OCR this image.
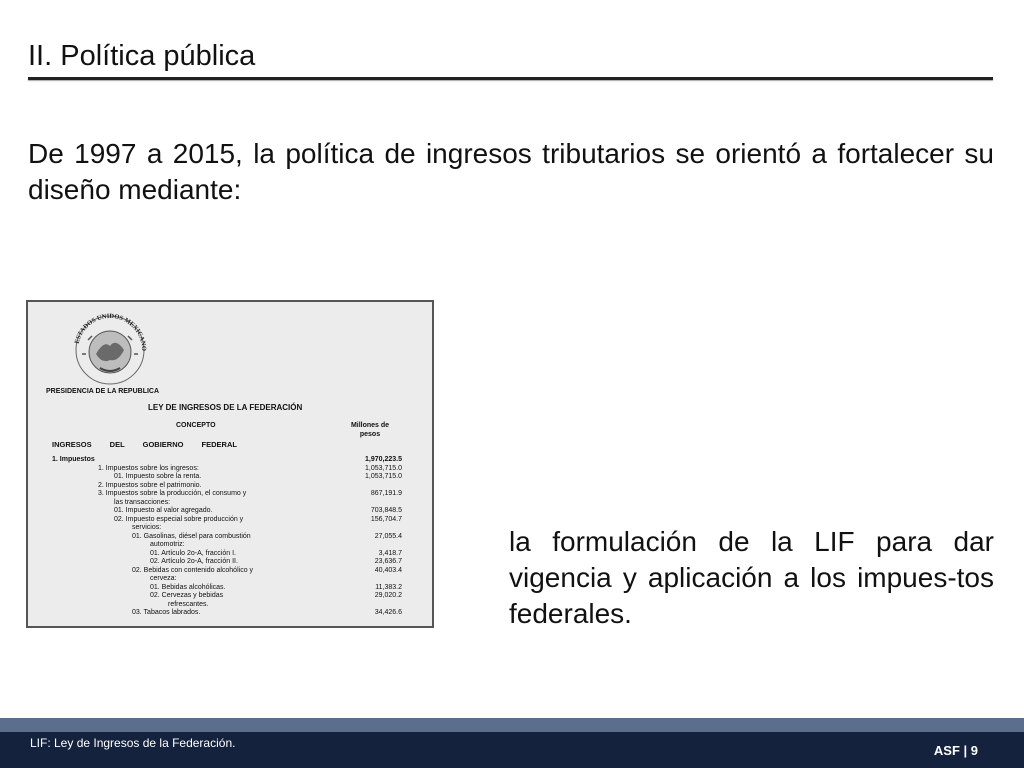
II. Política pública
De 1997 a 2015, la política de ingresos tributarios se orientó a fortalecer su diseño mediante:
ESTADOS UNIDOS MEXICANO
PRESIDENCIA DE LA REPUBLICA
LEY DE INGRESOS DE LA FEDERACIÓN
CONCEPTO	Millones de pesos
INGRESOS DEL GOBIERNO FEDERAL
1. Impuestos	1,970,223.5
1. Impuestos sobre los ingresos:	1,053,715.0
01. Impuesto sobre la renta.	1,053,715.0
2. Impuestos sobre el patrimonio.
3. Impuestos sobre la producción, el consumo y	867,191.9
las transacciones:
01. Impuesto al valor agregado.	703,848.5
02. Impuesto especial sobre producción y	156,704.7
servicios:
01. Gasolinas, diésel para combustión	27,055.4
automotriz:
01. Artículo 2o-A, fracción I.	3,418.7
02. Artículo 2o-A, fracción II.	23,636.7
02. Bebidas con contenido alcohólico y	40,403.4
cerveza:
01. Bebidas alcohólicas.	11,383.2
02. Cervezas y bebidas	29,020.2
refrescantes.
03. Tabacos labrados.	34,426.6
la formulación de la LIF para dar vigencia y aplicación a los impues-tos federales.
LIF: Ley de Ingresos de la Federación.	ASF | 9
